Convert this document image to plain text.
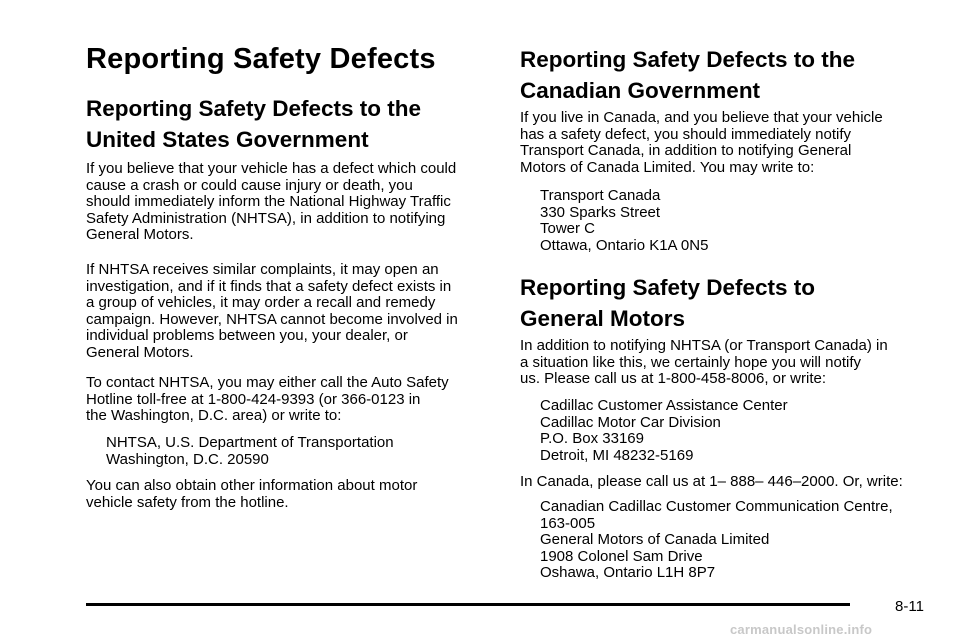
Reporting Safety Defects
Reporting Safety Defects to the
United States Government

If you believe that your vehicle has a defect which could
cause a crash or could cause injury or death, you
should immediately inform the National Highway Traffic
Safety Administration (NHTSA), in addition to notifying
General Motors.

If NHTSA receives similar complaints, it may open an
investigation, and if it finds that a safety defect exists in
a group of vehicles, it may order a recall and remedy
campaign. However, NHTSA cannot become involved in
individual problems between you, your dealer, or
General Motors.

To contact NHTSA, you may either call the Auto Safety
Hotline toll-free at 1-800-424-9393 (or 366-0123 in
the Washington, D.C. area) or write to:

NHTSA, U.S. Department of Transportation
Washington, D.C. 20590

You can also obtain other information about motor
vehicle safety from the hotline.

Reporting Safety Defects to the
Canadian Government

If you live in Canada, and you believe that your vehicle
has a safety defect, you should immediately notify
Transport Canada, in addition to notifying General
Motors of Canada Limited. You may write to:

Transport Canada
330 Sparks Street
Tower C
Ottawa, Ontario K1A 0N5

Reporting Safety Defects to
General Motors

In addition to notifying NHTSA (or Transport Canada) in
a situation like this, we certainly hope you will notify
us. Please call us at 1-800-458-8006, or write:

Cadillac Customer Assistance Center
Cadillac Motor Car Division
P.O. Box 33169
Detroit, MI 48232-5169

In Canada, please call us at 1– 888– 446–2000. Or, write:

Canadian Cadillac Customer Communication Centre,
163-005
General Motors of Canada Limited
1908 Colonel Sam Drive
Oshawa, Ontario L1H 8P7

8-11
carmanualsonline.info
